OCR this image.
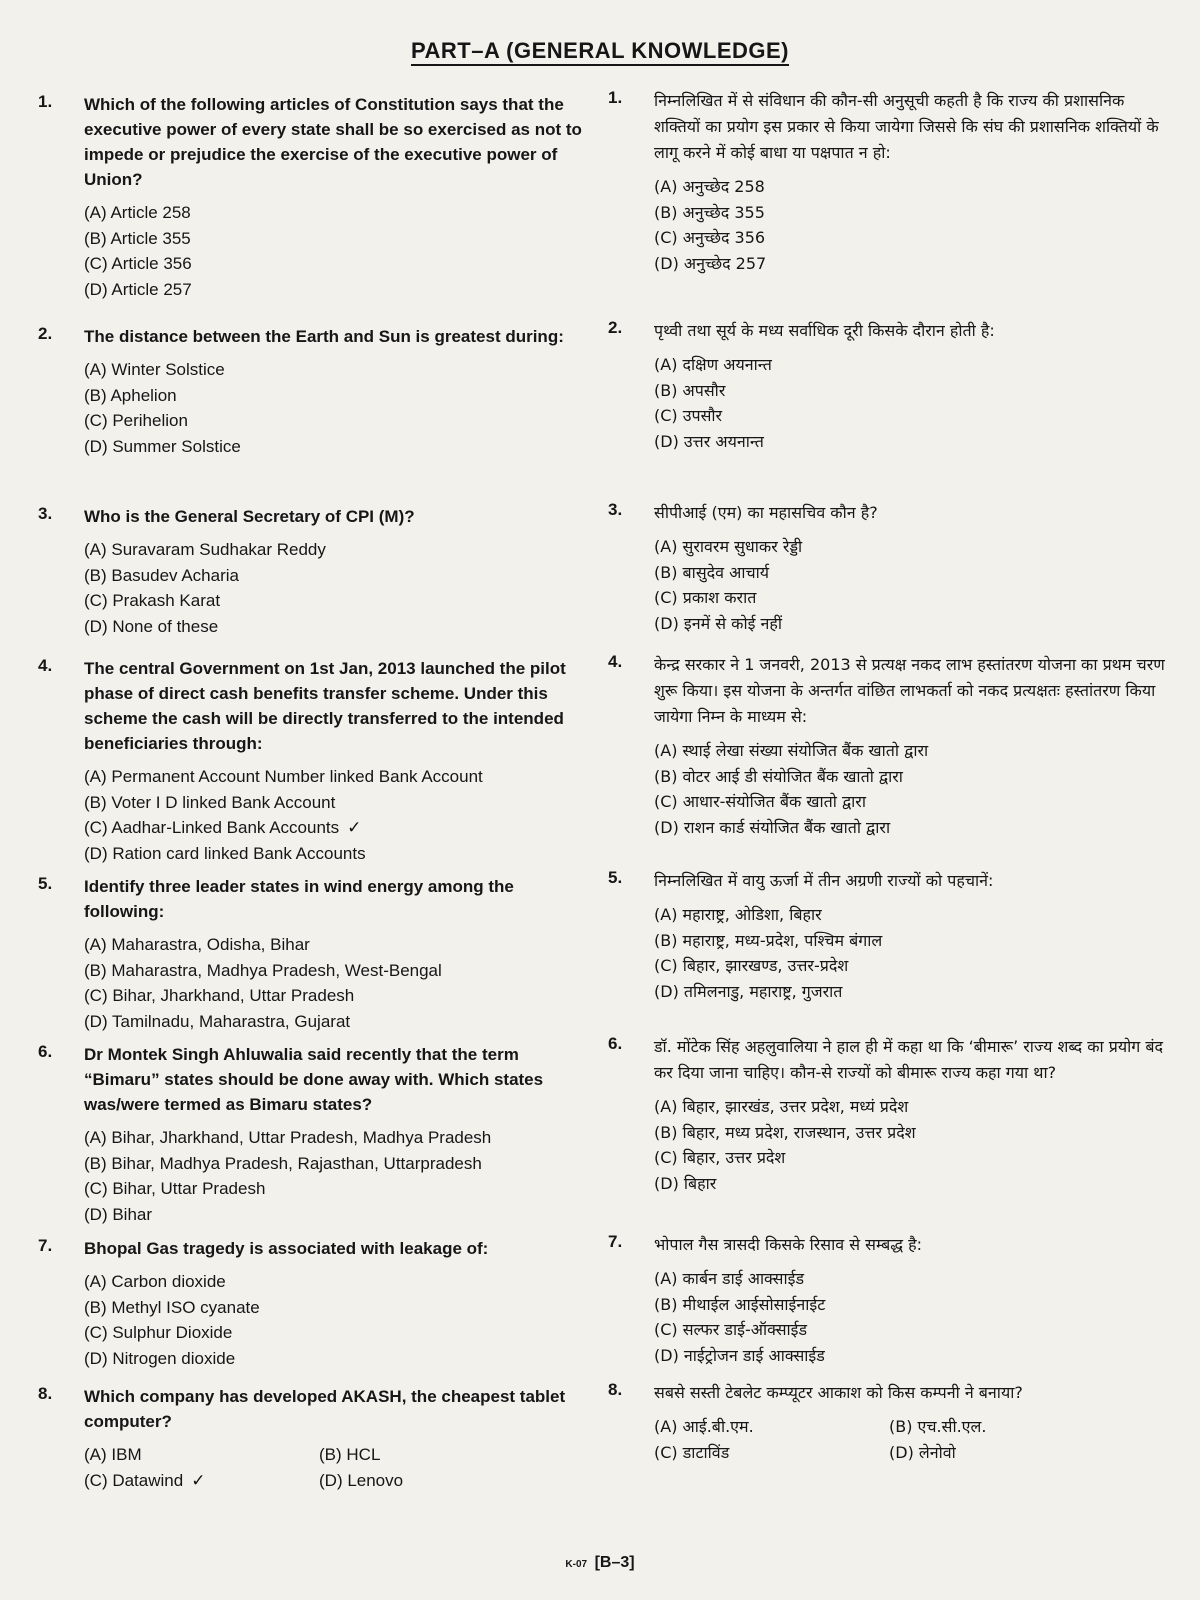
PART–A (GENERAL KNOWLEDGE)
1. Which of the following articles of Constitution says that the executive power of every state shall be so exercised as not to impede or prejudice the exercise of the executive power of Union?
(A) Article 258
(B) Article 355
(C) Article 356
(D) Article 257
2. The distance between the Earth and Sun is greatest during:
(A) Winter Solstice
(B) Aphelion
(C) Perihelion
(D) Summer Solstice
3. Who is the General Secretary of CPI (M)?
(A) Suravaram Sudhakar Reddy
(B) Basudev Acharia
(C) Prakash Karat
(D) None of these
4. The central Government on 1st Jan, 2013 launched the pilot phase of direct cash benefits transfer scheme. Under this scheme the cash will be directly transferred to the intended beneficiaries through:
(A) Permanent Account Number linked Bank Account
(B) Voter I D linked Bank Account
(C) Aadhar-Linked Bank Accounts ✓
(D) Ration card linked Bank Accounts
5. Identify three leader states in wind energy among the following:
(A) Maharastra, Odisha, Bihar
(B) Maharastra, Madhya Pradesh, West-Bengal
(C) Bihar, Jharkhand, Uttar Pradesh
(D) Tamilnadu, Maharastra, Gujarat
6. Dr Montek Singh Ahluwalia said recently that the term “Bimaru” states should be done away with. Which states was/were termed as Bimaru states?
(A) Bihar, Jharkhand, Uttar Pradesh, Madhya Pradesh
(B) Bihar, Madhya Pradesh, Rajasthan, Uttarpradesh
(C) Bihar, Uttar Pradesh
(D) Bihar
7. Bhopal Gas tragedy is associated with leakage of:
(A) Carbon dioxide
(B) Methyl ISO cyanate
(C) Sulphur Dioxide
(D) Nitrogen dioxide
8. Which company has developed AKASH, the cheapest tablet computer?
(A) IBM	(B) HCL
(C) Datawind ✓	(D) Lenovo
1. निम्नलिखित में से संविधान की कौन-सी अनुसूची कहती है कि राज्य की प्रशासनिक शक्तियों का प्रयोग इस प्रकार से किया जायेगा जिससे कि संघ की प्रशासनिक शक्तियों के लागू करने में कोई बाधा या पक्षपात न हो:
(A) अनुच्छेद 258
(B) अनुच्छेद 355
(C) अनुच्छेद 356
(D) अनुच्छेद 257
2. पृथ्वी तथा सूर्य के मध्य सर्वाधिक दूरी किसके दौरान होती है:
(A) दक्षिण अयनान्त
(B) अपसौर
(C) उपसौर
(D) उत्तर अयनान्त
3. सीपीआई (एम) का महासचिव कौन है?
(A) सुरावरम सुधाकर रेड्डी
(B) बासुदेव आचार्य
(C) प्रकाश करात
(D) इनमें से कोई नहीं
4. केन्द्र सरकार ने 1 जनवरी, 2013 से प्रत्यक्ष नकद लाभ हस्तांतरण योजना का प्रथम चरण शुरू किया। इस योजना के अन्तर्गत वांछित लाभकर्ता को नकद प्रत्यक्षतः हस्तांतरण किया जायेगा निम्न के माध्यम से:
(A) स्थाई लेखा संख्या संयोजित बैंक खातो द्वारा
(B) वोटर आई डी संयोजित बैंक खातो द्वारा
(C) आधार-संयोजित बैंक खातो द्वारा
(D) राशन कार्ड संयोजित बैंक खातो द्वारा
5. निम्नलिखित में वायु ऊर्जा में तीन अग्रणी राज्यों को पहचानें:
(A) महाराष्ट्र, ओडिशा, बिहार
(B) महाराष्ट्र, मध्य-प्रदेश, पश्चिम बंगाल
(C) बिहार, झारखण्ड, उत्तर-प्रदेश
(D) तमिलनाडु, महाराष्ट्र, गुजरात
6. डॉ. मोंटेक सिंह अहलुवालिया ने हाल ही में कहा था कि ‘बीमारू’ राज्य शब्द का प्रयोग बंद कर दिया जाना चाहिए। कौन-से राज्यों को बीमारू राज्य कहा गया था?
(A) बिहार, झारखंड, उत्तर प्रदेश, मध्यं प्रदेश
(B) बिहार, मध्य प्रदेश, राजस्थान, उत्तर प्रदेश
(C) बिहार, उत्तर प्रदेश
(D) बिहार
7. भोपाल गैस त्रासदी किसके रिसाव से सम्बद्ध है:
(A) कार्बन डाई आक्साईड
(B) मीथाईल आईसोसाईनाईट
(C) सल्फर डाई-ऑक्साईड
(D) नाईट्रोजन डाई आक्साईड
8. सबसे सस्ती टेबलेट कम्प्यूटर आकाश को किस कम्पनी ने बनाया?
(A) आई.बी.एम.	(B) एच.सी.एल.
(C) डाटाविंड	(D) लेनोवो
K-07 [B–3]
